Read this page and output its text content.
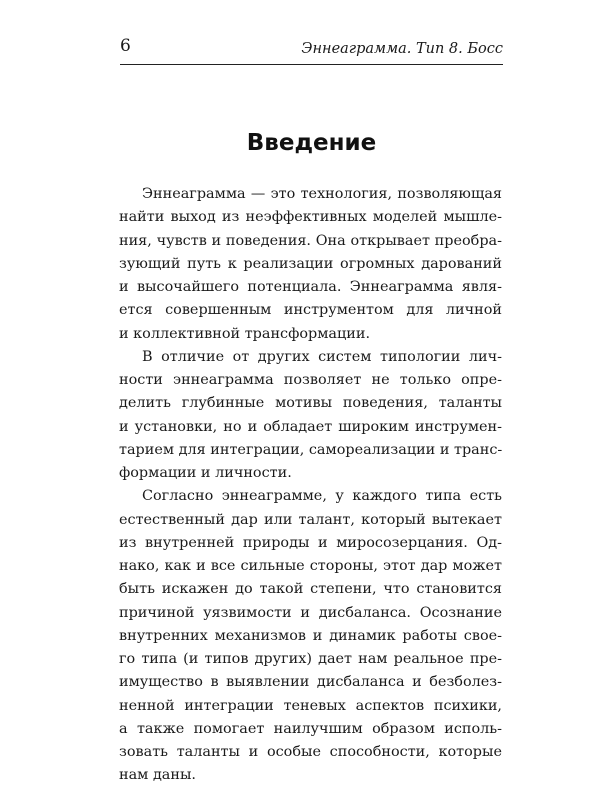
6	Эннеаграмма. Тип 8. Босс
Введение

Эннеаграмма — это технология, позволяющая
найти выход из неэффективных моделей мышле-
ния, чувств и поведения. Она открывает преобра-
зующий путь к реализации огромных дарований
и высочайшего потенциала. Эннеаграмма явля-
ется совершенным инструментом для личной
и коллективной трансформации.

В отличие от других систем типологии лич-
ности эннеаграмма позволяет не только опре-
делить глубинные мотивы поведения, таланты
и установки, но и обладает широким инструмен-
тарием для интеграции, самореализации и транс-
формации и личности.

Согласно эннеаграмме, у каждого типа есть
естественный дар или талант, который вытекает
из внутренней природы и миросозерцания. Од-
нако, как и все сильные стороны, этот дар может
быть искажен до такой степени, что становится
причиной уязвимости и дисбаланса. Осознание
внутренних механизмов и динамик работы свое-
го типа (и типов других) дает нам реальное пре-
имущество в выявлении дисбаланса и безболез-
ненной интеграции теневых аспектов психики,
а также помогает наилучшим образом исполь-
зовать таланты и особые способности, которые
нам даны.
